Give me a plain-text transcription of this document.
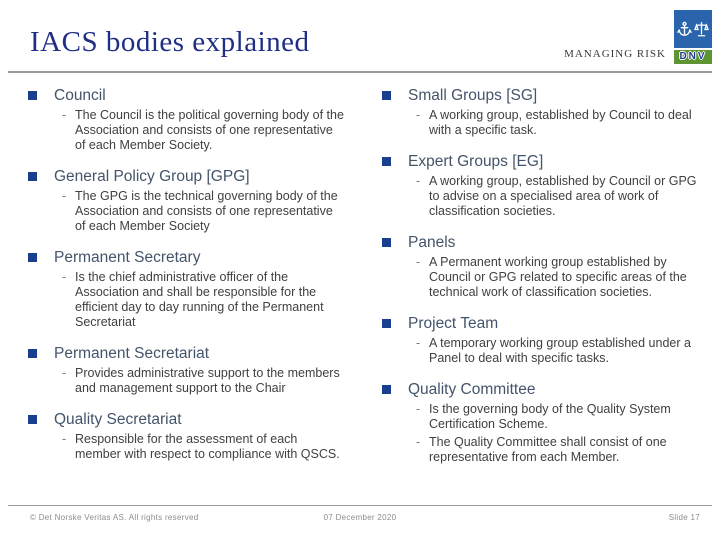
IACS bodies explained	MANAGING RISK	DNV
Council
- The Council is the political governing body of the Association and consists of one representative of each Member Society.
General Policy Group [GPG]
- The GPG is the technical governing body of the Association and consists of one representative of each Member Society
Permanent Secretary
- Is the chief administrative officer of the Association and shall be responsible for the efficient day to day running of the Permanent Secretariat
Permanent Secretariat
- Provides administrative support to the members and management support to the Chair
Quality Secretariat
- Responsible for the assessment of each member with respect to compliance with QSCS.
Small Groups [SG]
- A working group, established by Council to deal with a specific task.
Expert Groups [EG]
- A working group, established by Council or GPG to advise on a specialised area of work of classification societies.
Panels
- A Permanent working group established by Council or GPG related to specific areas of the technical work of classification societies.
Project Team
- A temporary working group established under a Panel to deal with specific tasks.
Quality Committee
- Is the governing body of the Quality System Certification Scheme.
- The Quality Committee shall consist of one representative from each Member.
© Det Norske Veritas AS. All rights reserved	07 December 2020	Slide 17
